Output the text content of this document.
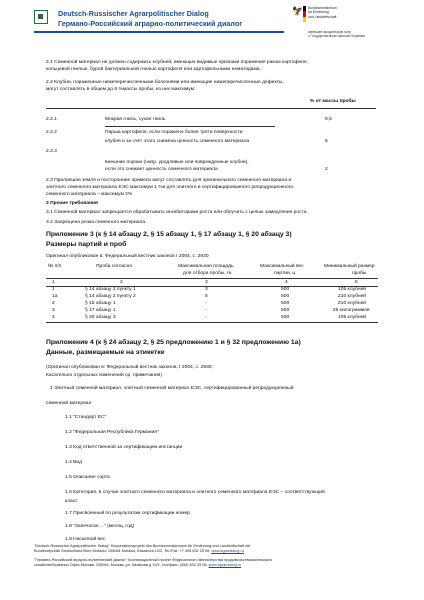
Deutsch-Russischer Agrarpolitischer Dialog
Германо-Российский аграрно-политический диалог
🦅 Bundesministerium
für Ernährung
und Landwirtschaft
имеющее юридическую силу
с Государственным законом Германии
2.1 Семенной материал не должен содержать клубней, имеющих видимые признаки поражения раком картофеля,
кольцевой гнилью, бурой бактериальной гнилью картофеля или картофельными нематодами.
2.2 Клубни, пораженные нижеперечисленными болезнями или имеющие нижеперечисленные дефекты,
могут составлять в общем до 6 %массы пробы, из них максимум:
% от массы пробы
2.2.1	Мокрая гниль, сухая гниль	0,5
2.2.2	Парша картофеля, если поражено более трети поверхности
клубня и за счет этого снижена ценность семенного материала	5
2.2.3
внешние пороки (напр. уродливые или поврежденные клубни),
если это снижает ценность семенного материала	2
2.3 Прилипшая земля и посторонние примеси могут составлять для оригинального семенного материала и
элитного семенного материала ЕЭС максимум 1 %и для элитного и сертифицированного репродукционного
семенного материала – максимум 2%
3 Прочие требования
3.1 Семенной материал запрещается обрабатывать ингибиторами роста или облучать с целью замедления роста.
3.2 Запрещена резка семенного материала.
Приложение 3 (к § 14 абзацу 2, § 15 абзацу 1, § 17 абзацу 1, § 20 абзацу 3)
Размеры партий и проб
Оригинал опубликован в: Федеральный вестник законов I 2004, с. 2930
№ п/п	Проба согласно	Максимальная площадь
для отбора пробы, га
Максимальный вес
партии, ц
Минимальный размер
пробы
1	2	3	4	5
1	§ 14 абзацу 2 пункту 1	3	500	105 клубней
1а	§ 14 абзацу 2 пункту 2	5	500	210 клубней
2	§ 15 абзацу 1	-	500	210 клубней
3	§ 17 абзацу 1	-	500	25 килограммов
4	§ 20 абзацу 3	-	500	105 клубней
Приложение 4 (к § 24 абзацу 2, § 25 предложению 1 и § 32 предложению 1а)
Данные, размещаемые на этикетке
(Оригинал опубликован в: Федеральный вестник законов, I 2004, с. 2930;
Касательно отдельных изменений ср. примечания)
1 Элитный семенной материал, элитный семенной материал ЕЭС, сертифицированный репродукционный
семенной материал
1.1 "Стандарт ЕС"
1.2 "Федеральная Республика Германия"
1.3 Код ответственной за сертификацию инстанции
1.4 Вид
1.5 Описание сорта
1.6 Категория, в случае элитного семенного материала и элитного семенного материала ЕЭС – соответствующий
класс
1.7 Присвоенный по результатам сертификации номер
1.8 "Запечатан ..." (месяц, год)
1.9 Насыпной вес
"Deutsch-Russischer Agrarpolitischer Dialog" Kooperationsprojekt des Bundesministeriums für Ernährung und Landwirtschaft der
Bundesrepublik Deutschland Büro Moskau: 105064 Moskau, Kasakova 10/2, Tel./Fax: +7 495 632 25 08, www.agrardialog.ru
"Германо-Российский аграрно-политический диалог" Кооперационный проект Федерального министерства продовольствияисельского
хозяйстваГермании Офис Москва: 105064, Москва, ул. Казакова д 10/2, тел/факс: (495) 632 25 08, www.agrardialog.ru
